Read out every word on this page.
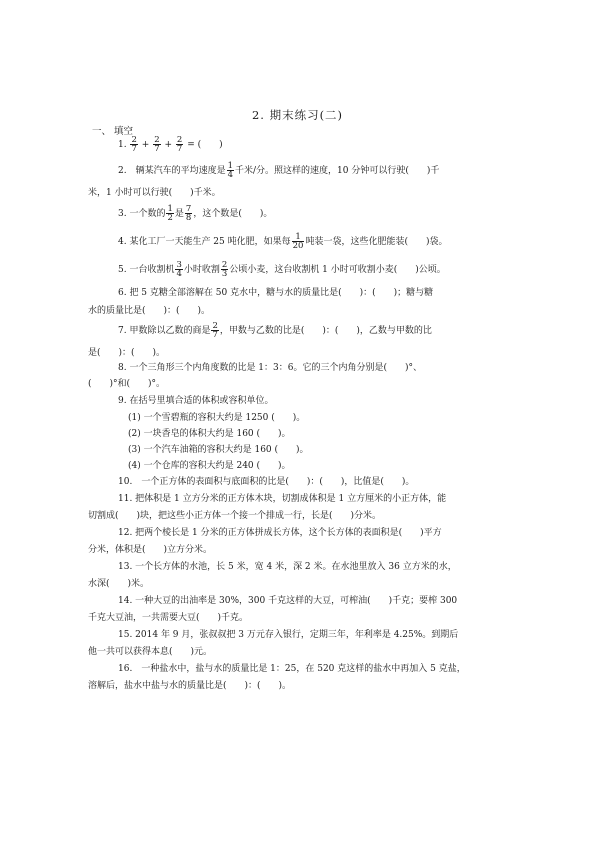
2. 期末练习(二)
一、 填空
1. $\frac{2}{7} + \frac{2}{7} + \frac{2}{7}$ = (　　)
2.　辆某汽车的平均速度是 $\frac{1}{4}$ 千米/分。照这样的速度，10 分钟可以行驶(　　)千
米，1 小时可以行驶(　　)千米。
3. 一个数的 $\frac{1}{2}$ 是 $\frac{7}{8}$ ，这个数是(　　)。
4. 某化工厂一天能生产 25 吨化肥，如果每 $\frac{1}{20}$ 吨装一袋，这些化肥能装(　　)袋。
5. 一台收割机 $\frac{3}{4}$ 小时收割 $\frac{2}{3}$ 公顷小麦，这台收割机 1 小时可收割小麦(　　)公顷。
6. 把 5 克糖全部溶解在 50 克水中，糖与水的质量比是(　　)：(　　)；糖与糖
水的质量比是(　　)：(　　)。
7. 甲数除以乙数的商是 $\frac{2}{7}$ ，甲数与乙数的比是(　　)：(　　)，乙数与甲数的比
是(　　)：(　　)。
8. 一个三角形三个内角度数的比是 1：3：6。它的三个内角分别是(　　)°、
(　　)°和(　　)°。
9. 在括号里填合适的体积或容积单位。
(1) 一个雪碧瓶的容积大约是 1250 (　　)。
(2) 一块香皂的体积大约是 160 (　　)。
(3) 一个汽车油箱的容积大约是 160 (　　)。
(4) 一个仓库的容积大约是 240 (　　)。
10.　一个正方体的表面积与底面积的比是(　　)：(　　)，比值是(　　)。
11. 把体积是 1 立方分米的正方体木块，切割成体积是 1 立方厘米的小正方体，能
切割成(　　)块，把这些小正方体一个接一个排成一行，长是(　　)分米。
12. 把两个棱长是 1 分米的正方体拼成长方体，这个长方体的表面积是(　　)平方
分米，体积是(　　)立方分米。
13. 一个长方体的水池，长 5 米，宽 4 米，深 2 米。在水池里放入 36 立方米的水，
水深(　　)米。
14. 一种大豆的出油率是 30%，300 千克这样的大豆，可榨油(　　)千克；要榨 300
千克大豆油，一共需要大豆(　　)千克。
15. 2014 年 9 月，张叔叔把 3 万元存入银行，定期三年，年利率是 4.25%。到期后
他一共可以获得本息(　　)元。
16.　一种盐水中，盐与水的质量比是 1：25，在 520 克这样的盐水中再加入 5 克盐，
溶解后，盐水中盐与水的质量比是(　　)：(　　)。
